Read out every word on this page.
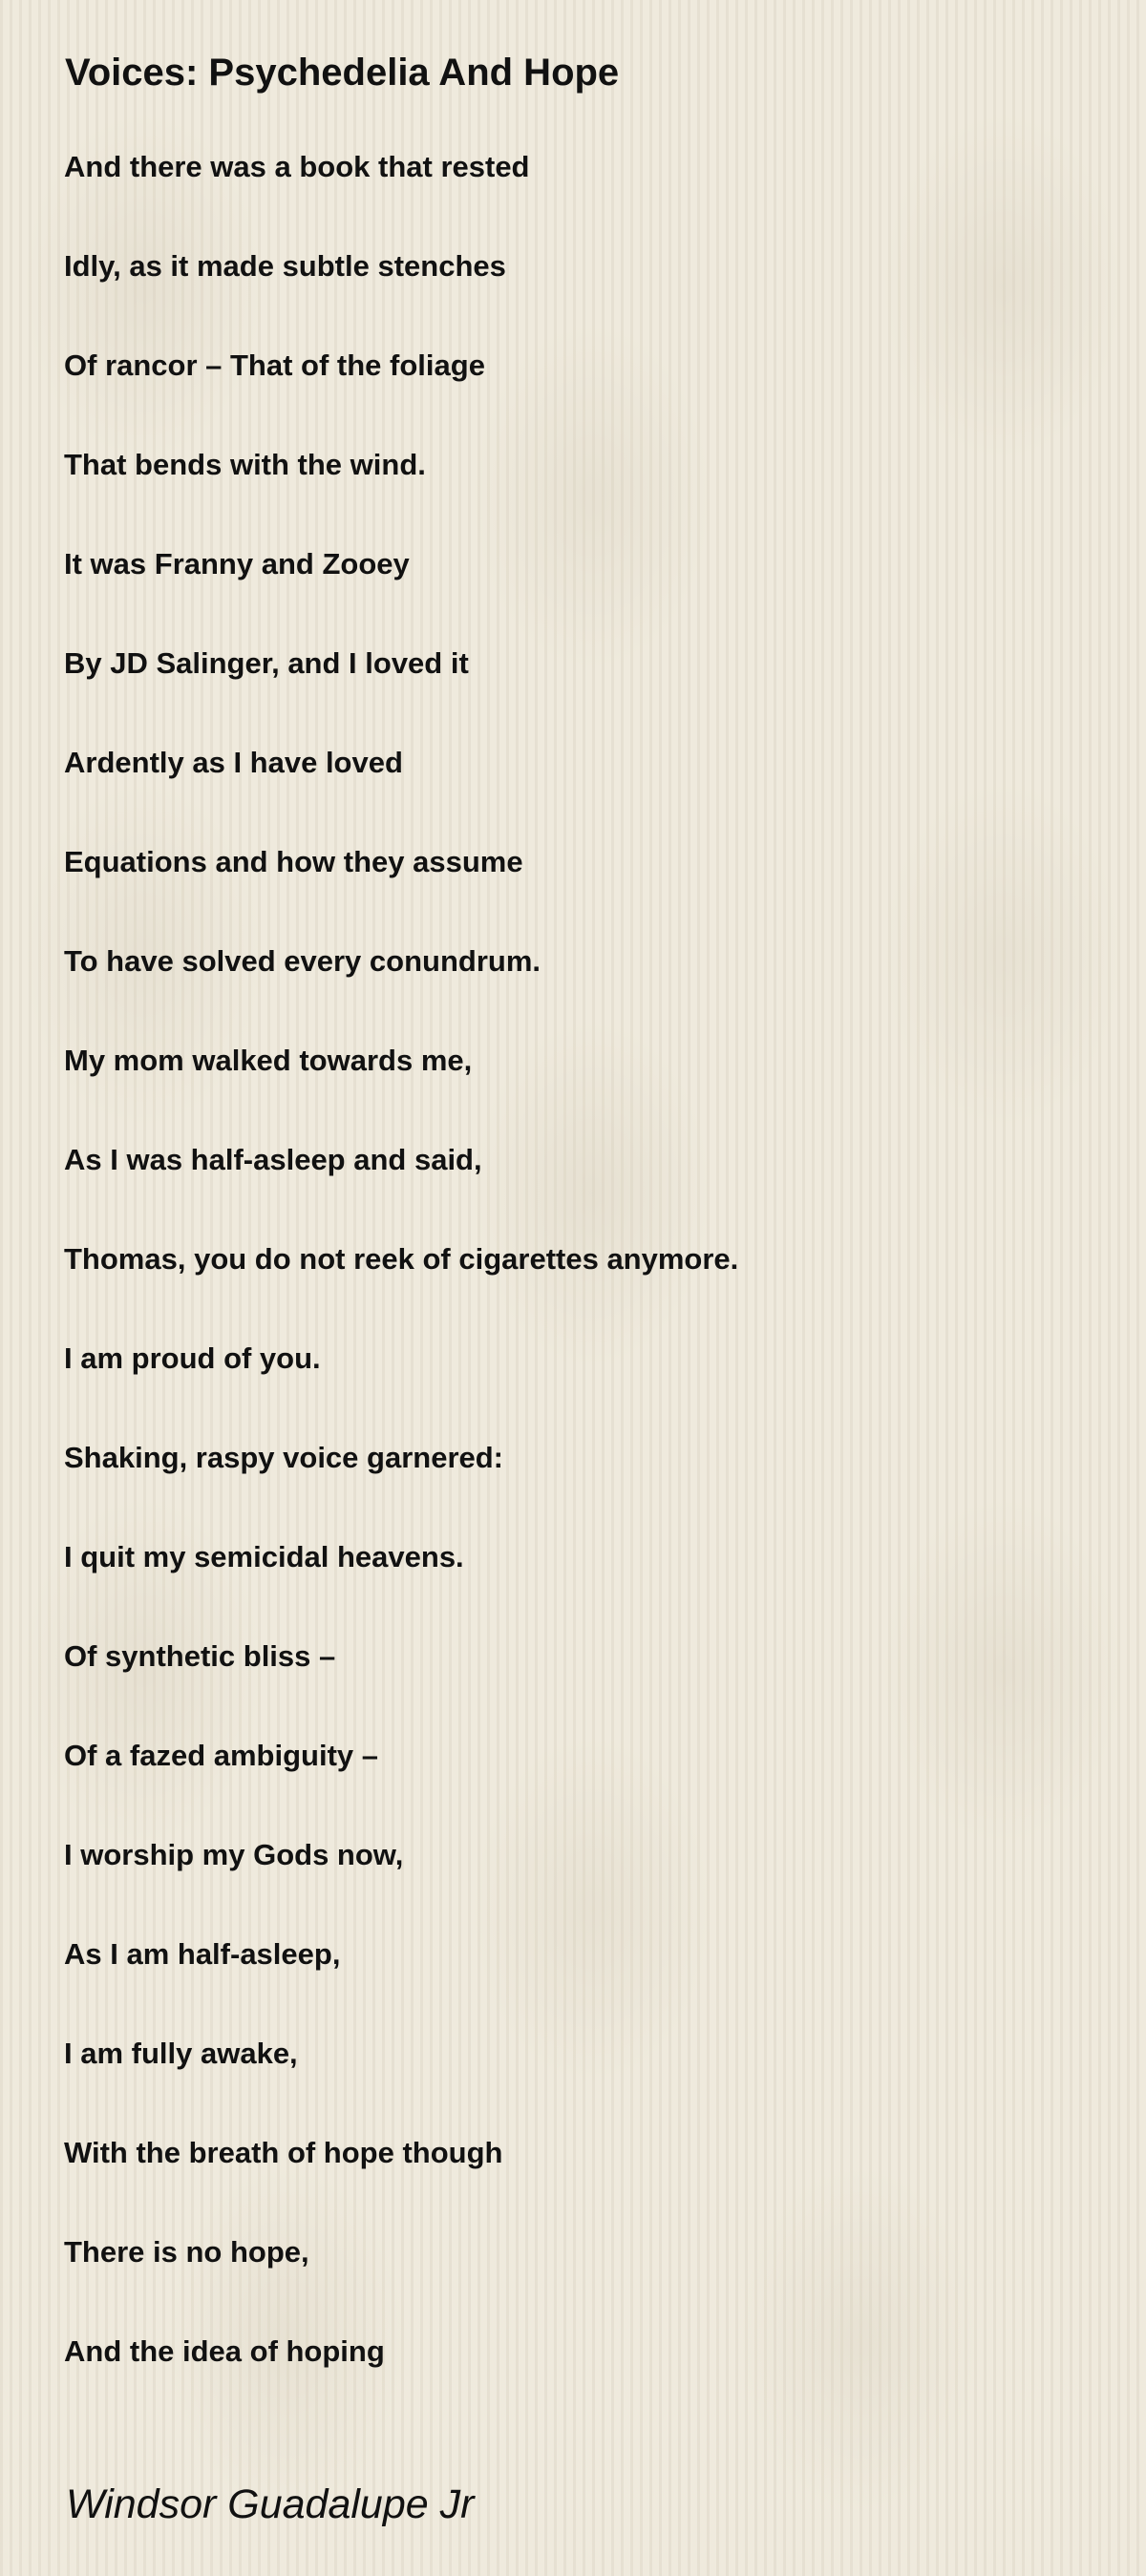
Voices: Psychedelia And Hope
And there was a book that rested
Idly, as it made subtle stenches
Of rancor – That of the foliage
That bends with the wind.
It was Franny and Zooey
By JD Salinger, and I loved it
Ardently as I have loved
Equations and how they assume
To have solved every conundrum.
My mom walked towards me,
As I was half-asleep and said,
Thomas, you do not reek of cigarettes anymore.
I am proud of you.
Shaking, raspy voice garnered:
I quit my semicidal heavens.
Of synthetic bliss –
Of a fazed ambiguity –
I worship my Gods now,
As I am half-asleep,
I am fully awake,
With the breath of hope though
There is no hope,
And the idea of hoping

Windsor Guadalupe Jr
